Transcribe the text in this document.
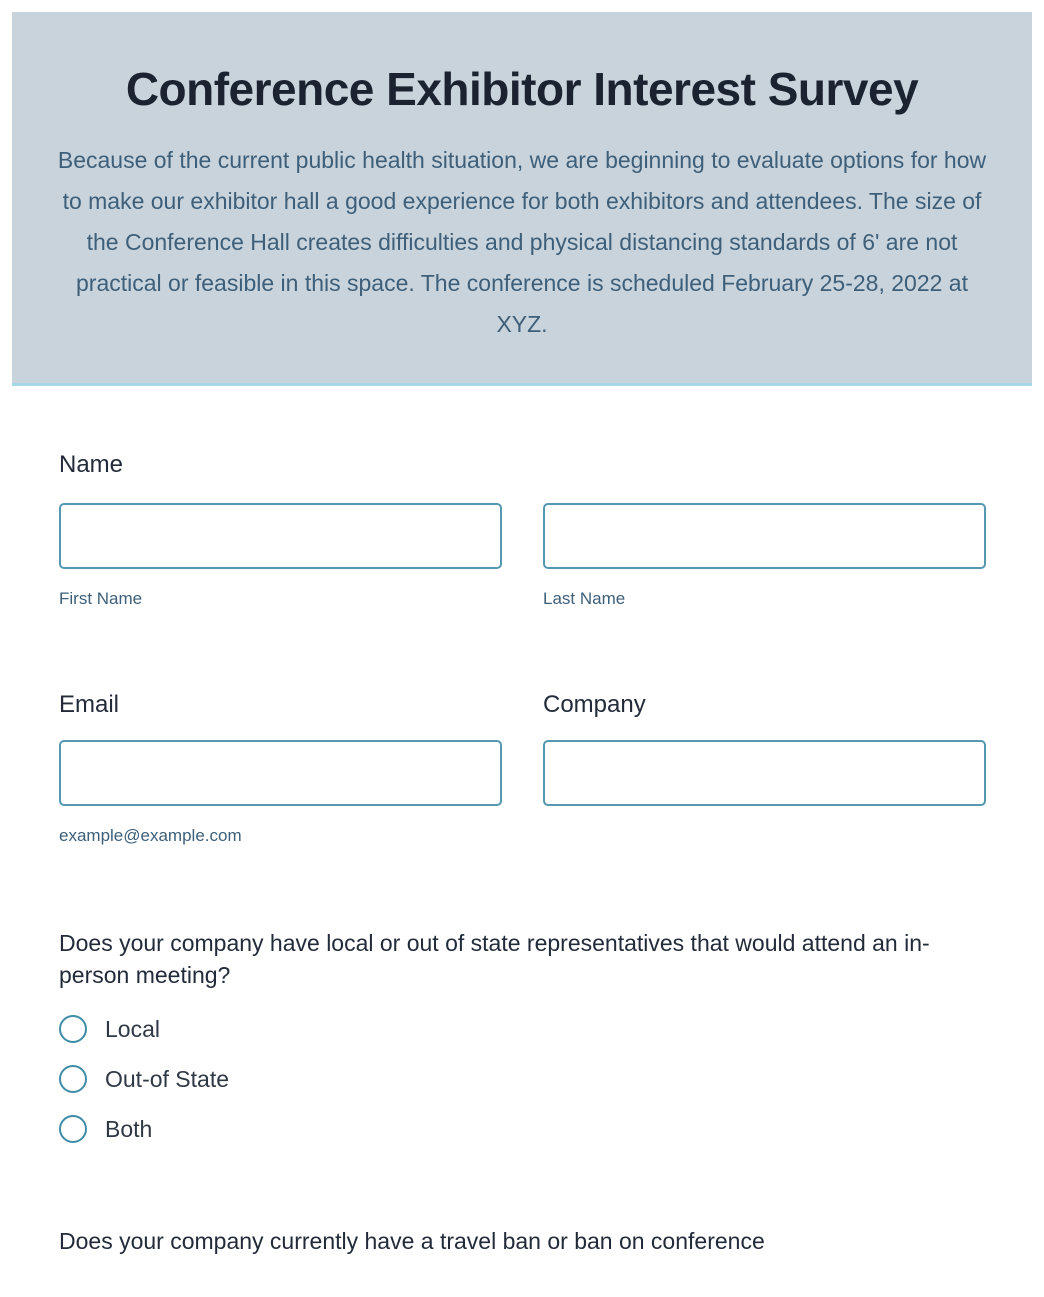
Conference Exhibitor Interest Survey

Because of the current public health situation, we are beginning to evaluate options for how to make our exhibitor hall a good experience for both exhibitors and attendees. The size of the Conference Hall creates difficulties and physical distancing standards of 6' are not practical or feasible in this space. The conference is scheduled February 25-28, 2022 at XYZ.

Name
First Name	Last Name
Email
example@example.com
Company

Does your company have local or out of state representatives that would attend an in-person meeting?

Local
Out-of State
Both

Does your company currently have a travel ban or ban on conference
